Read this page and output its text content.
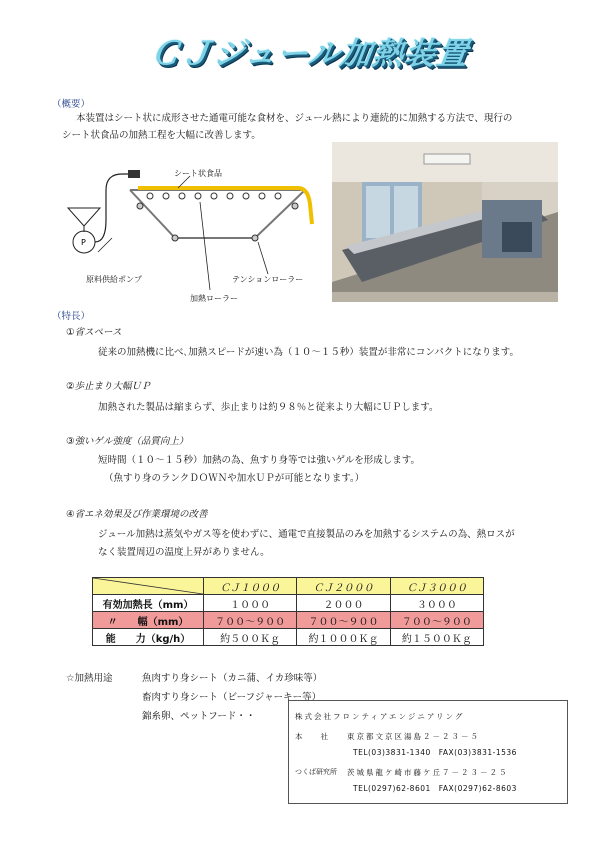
ＣＪジュール加熱装置
（概要）
本装置はシート状に成形させた通電可能な食材を、ジュール熱により連続的に加熱する方法で、現行の
シート状食品の加熱工程を大幅に改善します。
P
シート状食品
原料供給ポンプ	テンションローラー
加熱ローラー
（特長）
①省スペース
従来の加熱機に比べ､加熱スピードが速い為（１０～１５秒）装置が非常にコンパクトになります。
②歩止まり大幅ＵＰ
加熱された製品は縮まらず、歩止まりは約９８％と従来より大幅にＵＰします。
③強いゲル強度（品質向上）
短時間（１０～１５秒）加熱の為、魚すり身等では強いゲルを形成します。
（魚すり身のランクＤＯＷＮや加水ＵＰが可能となります。）
④省エネ効果及び作業環境の改善
ジュール加熱は蒸気やガス等を使わずに、通電で直接製品のみを加熱するシステムの為、熱ロスが
なく装置周辺の温度上昇がありません。
	ＣＪ１０００	ＣＪ２０００	ＣＪ３０００
有効加熱長（mm）	１０００	２０００	３０００
〃　　幅（mm）	７００～９００	７００～９００	７００～９００
能　　力（kg/h）	約５００Ｋｇ	約１０００Ｋｇ	約１５００Ｋｇ
☆加熱用途	魚肉すり身シート（カニ蒲、イカ珍味等）
畜肉すり身シート（ビーフジャーキー等）
錦糸卵、ペットフード・・	株式会社フロンティアエンジニアリング
本　　社 東京都文京区湯島２－２３－５
TEL(03)3831-1340　FAX(03)3831-1536
つくば研究所 茨城県龍ケ崎市藤ケ丘７－２３－２５
TEL(0297)62-8601　FAX(0297)62-8603
